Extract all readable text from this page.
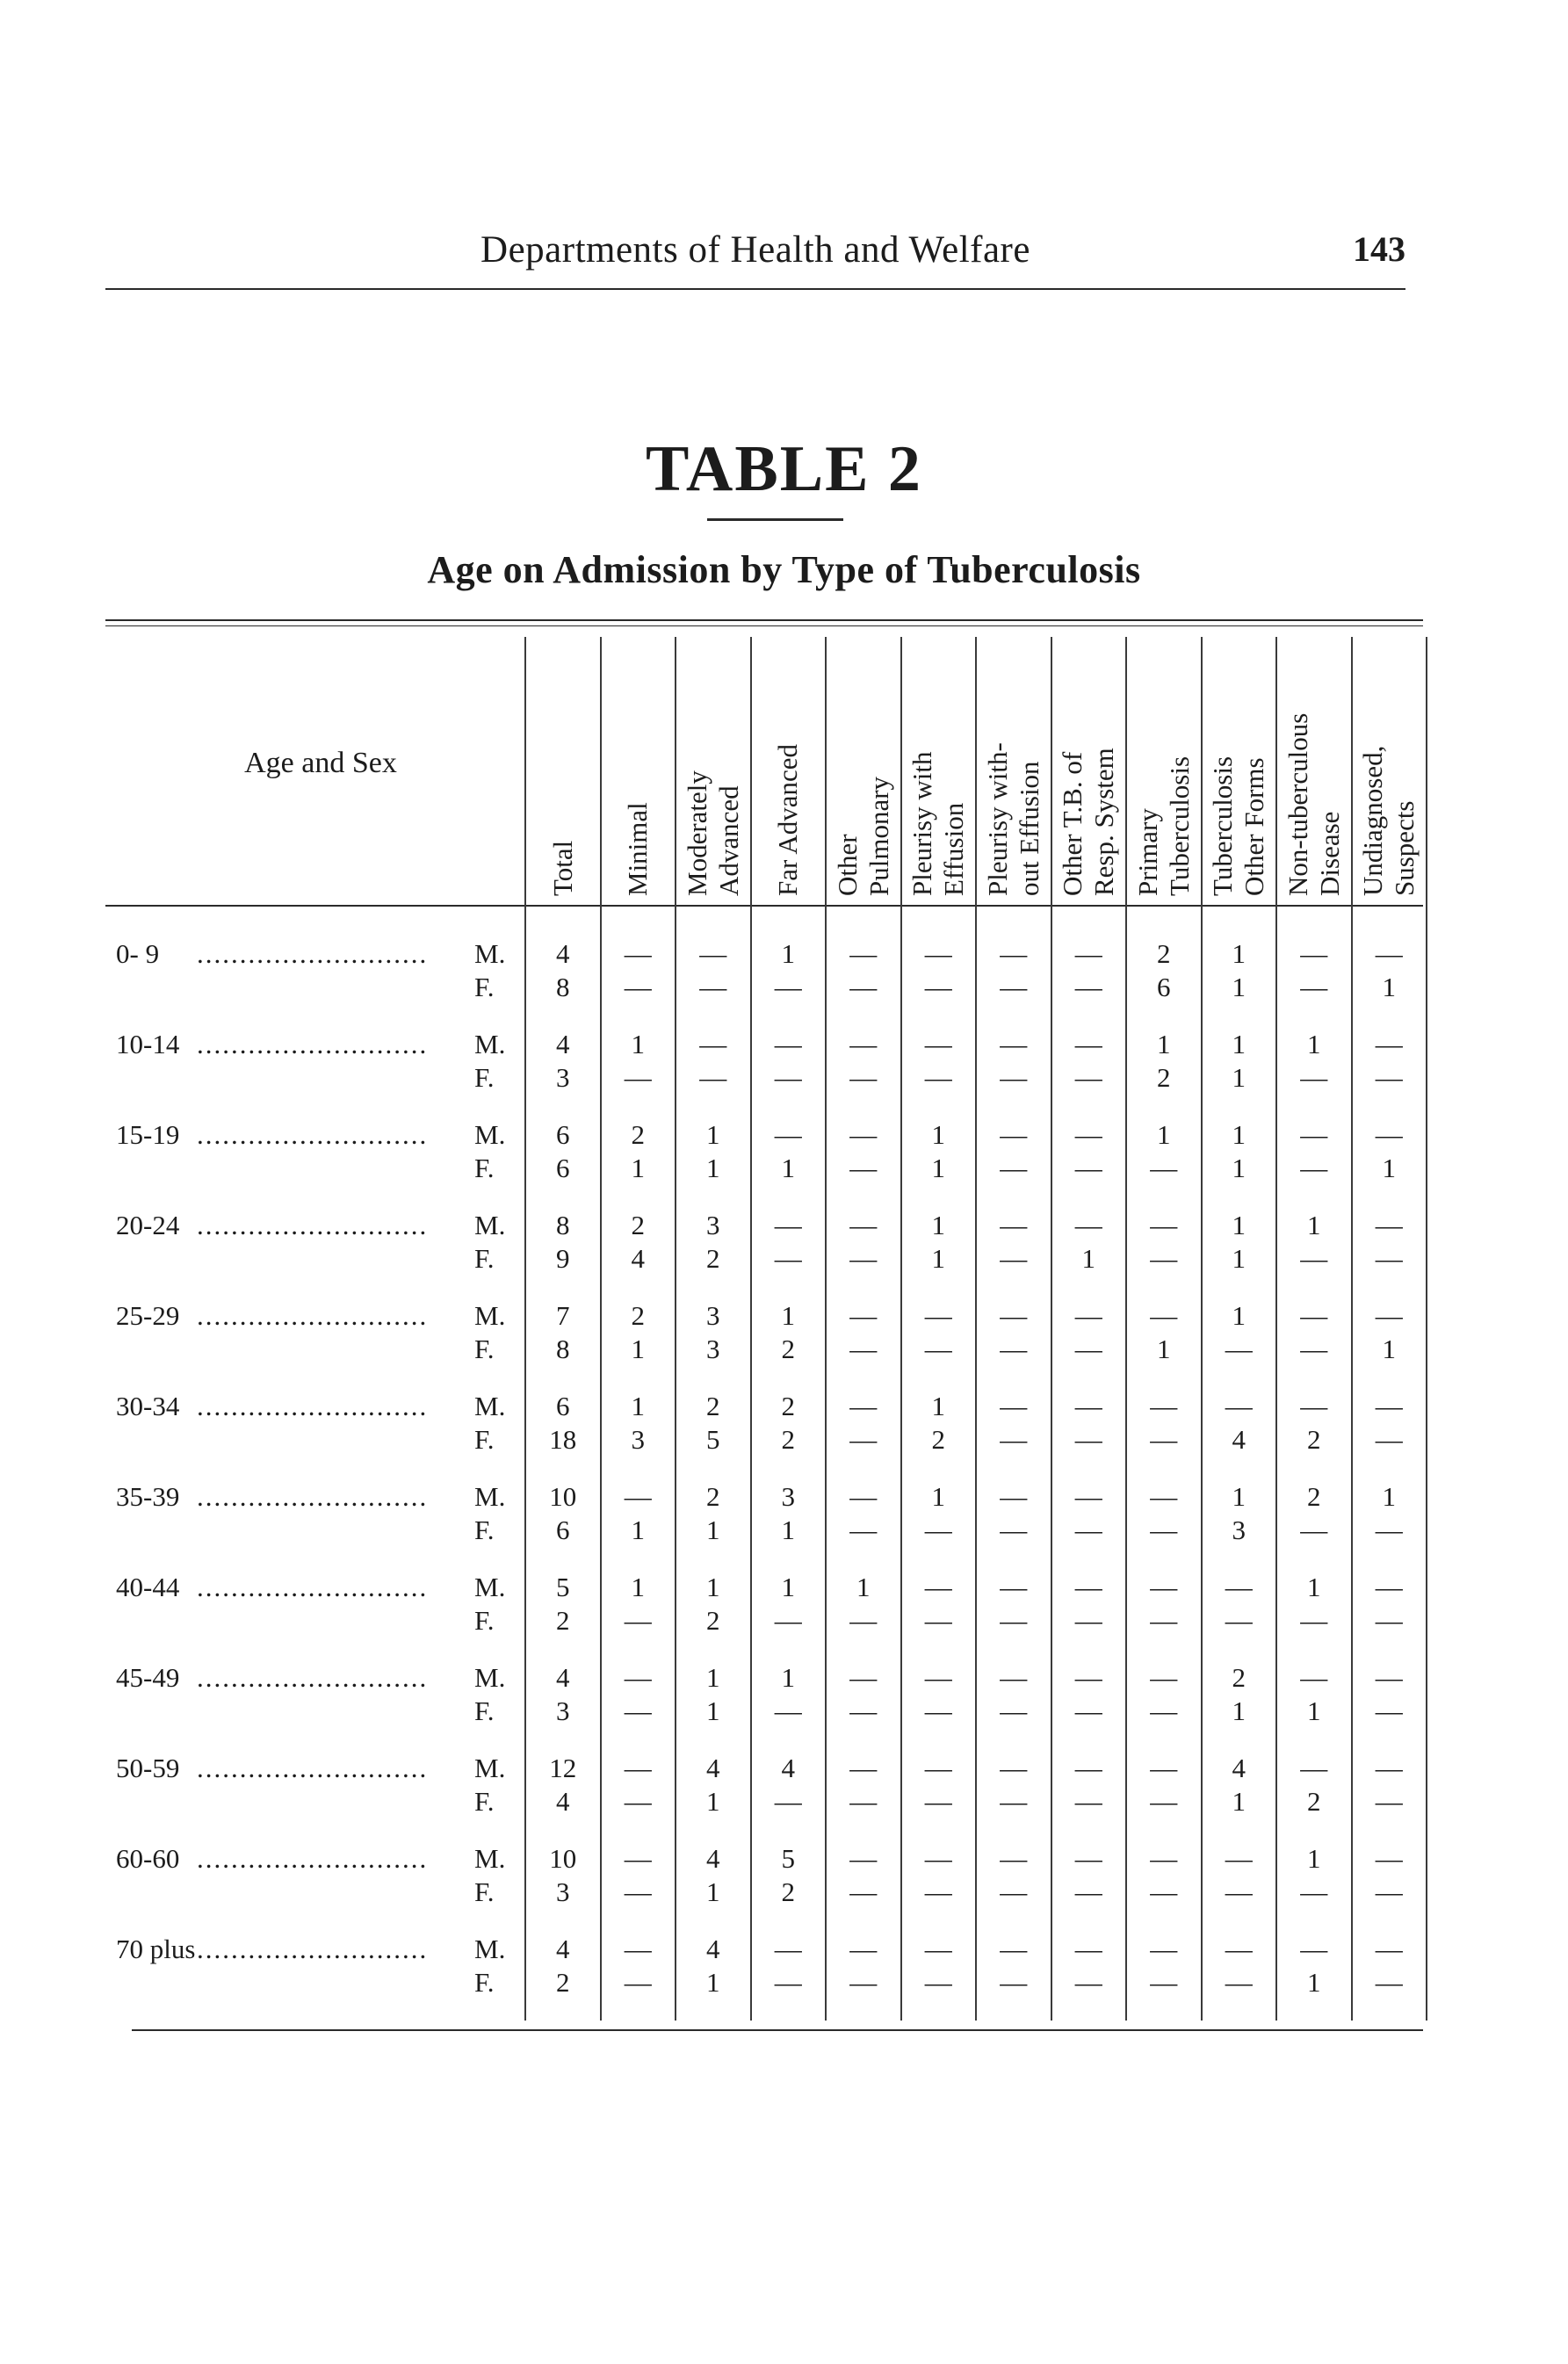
Departments of Health and Welfare	143
TABLE 2
Age on Admission by Type of Tuberculosis
Age and Sex
Total Minimal Moderately Advanced Far Advanced Other Pulmonary Pleurisy with Effusion Pleurisy with- out Effusion Other T.B. of Resp. System Primary Tuberculosis Tuberculosis Other Forms Non-tuberculous Disease Undiagnosed, Suspects
0- 9 ...........................	M.	4	—	—	1	—	—	—	—	2	1	—	—
F.	8	—	—	—	—	—	—	—	6	1	—	1
10-14 ...........................	M.	4	1	—	—	—	—	—	—	1	1	1	—
F.	3	—	—	—	—	—	—	—	2	1	—	—
15-19 ...........................	M.	6	2	1	—	—	1	—	—	1	1	—	—
F.	6	1	1	1	—	1	—	—	—	1	—	1
20-24 ...........................	M.	8	2	3	—	—	1	—	—	—	1	1	—
F.	9	4	2	—	—	1	—	1	—	1	—	—
25-29 ...........................	M.	7	2	3	1	—	—	—	—	—	1	—	—
F.	8	1	3	2	—	—	—	—	1	—	—	1
30-34 ...........................	M.	6	1	2	2	—	1	—	—	—	—	—	—
F.	18	3	5	2	—	2	—	—	—	4	2	—
35-39 ...........................	M.	10	—	2	3	—	1	—	—	—	1	2	1
F.	6	1	1	1	—	—	—	—	—	3	—	—
40-44 ...........................	M.	5	1	1	1	1	—	—	—	—	—	1	—
F.	2	—	2	—	—	—	—	—	—	—	—	—
45-49 ...........................	M.	4	—	1	1	—	—	—	—	—	2	—	—
F.	3	—	1	—	—	—	—	—	—	1	1	—
50-59 ...........................	M.	12	—	4	4	—	—	—	—	—	4	—	—
F.	4	—	1	—	—	—	—	—	—	1	2	—
60-60 ...........................	M.	10	—	4	5	—	—	—	—	—	—	1	—
F.	3	—	1	2	—	—	—	—	—	—	—	—
70 plus...........................	M.	4	—	4	—	—	—	—	—	—	—	—	—
F.	2	—	1	—	—	—	—	—	—	—	1	—
